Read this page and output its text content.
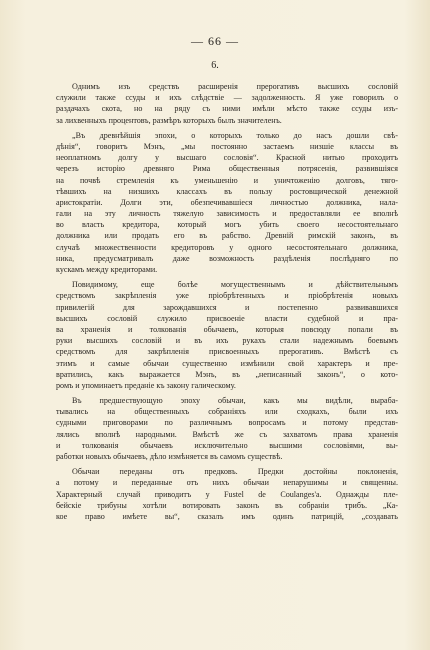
— 66 —
6.
Однимъ изъ средствъ расширенія прерогативъ высшихъ сословій
служили также ссуды и ихъ слѣдствіе — задолженность. Я уже говорилъ о
раздачахъ скота, но на ряду съ ними имѣли мѣсто также ссуды изъ-
за лихвенныхъ процентовъ, размѣръ которыхъ былъ значителенъ.
„Въ древнѣйшія эпохи, о которыхъ только до насъ дошли свѣ-
дѣнія“, говоритъ Мэнъ, „мы постоянно застаемъ низшіе классы въ
неоплатномъ долгу у высшаго сословія“. Красной нитью проходитъ
черезъ исторію древняго Рима общественныя потрясенія, развившіяся
на почвѣ стремленія къ уменьшенію и уничтоженію долговъ, тяго-
тѣвшихъ на низшихъ классахъ въ пользу ростовщической денежной
аристократіи. Долги эти, обезпечивавшіеся личностью должника, нала-
гали на эту личность тяжелую зависимость и предоставляли ее вполнѣ
во власть кредитора, который могъ убить своего несостоятельнаго
должника или продать его въ рабство. Древній римскій законъ, въ
случаѣ множественности кредиторовъ у одного несостоятельнаго должника,
ника, предусматривалъ даже возможность раздѣленія послѣдняго по
кускамъ между кредиторами.
Повидимому, еще болѣе могущественнымъ и дѣйствительнымъ
средствомъ закрѣпленія уже пріобрѣтенныхъ и пріобрѣтенія новыхъ
привилегій для зарождавшихся и постепенно развивавшихся
высшихъ сословій служило присвоеніе власти судебной и пра-
ва храненія и толкованія обычаевъ, которыя повсюду попали въ
руки высшихъ сословій и въ ихъ рукахъ стали надежнымъ боевымъ
средствомъ для закрѣпленія присвоенныхъ прерогативъ. Вмѣстѣ съ
этимъ и самые обычаи существенно измѣнили свой характеръ и пре-
вратились, какъ выражается Мэнъ, въ „неписанный законъ“, о кото-
ромъ и упоминаетъ преданіе къ закону галическому.
Въ предшествующую эпоху обычаи, какъ мы видѣли, выраба-
тывались на общественныхъ собраніяхъ или сходкахъ, были ихъ
судными приговорами по различнымъ вопросамъ и потому представ-
лялись вполнѣ народными. Вмѣстѣ же съ захватомъ права храненія
и толкованія обычаевъ исключительно высшими сословіями, вы-
работки новыхъ обычаевъ, дѣло измѣняется въ самомъ существѣ.
Обычаи переданы отъ предковъ. Предки достойны поклоненія,
а потому и переданные отъ нихъ обычаи непарушимы и священны.
Характерный случай приводитъ у Fustel de Coulanges'а. Однажды пле-
бейскіе трибуны хотѣли вотировать законъ въ собраніи трибъ. „Ка-
кое право имѣете вы“, сказалъ имъ одинъ патрицій, „создавать
